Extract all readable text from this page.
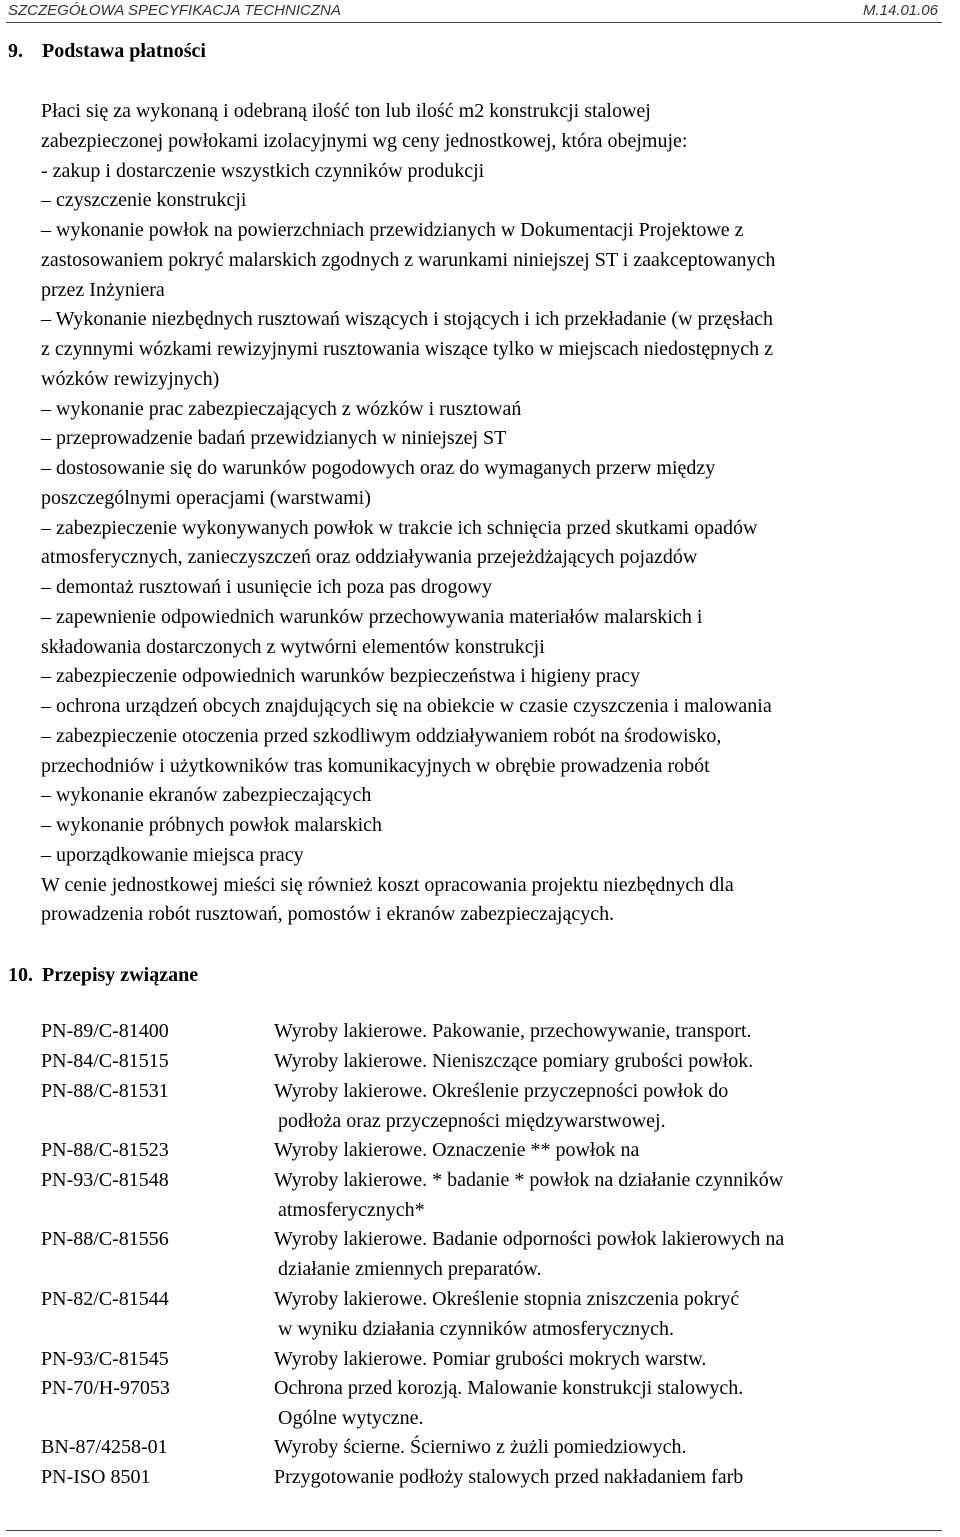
SZCZEGÓŁOWA SPECYFIKACJA TECHNICZNA	M.14.01.06
9. Podstawa płatności
Płaci się za wykonaną i odebraną ilość ton lub ilość m2 konstrukcji stalowej
zabezpieczonej powłokami izolacyjnymi wg ceny jednostkowej, która obejmuje:
- zakup i dostarczenie wszystkich czynników produkcji
– czyszczenie konstrukcji
– wykonanie powłok na powierzchniach przewidzianych w Dokumentacji Projektowe z
zastosowaniem pokryć malarskich zgodnych z warunkami niniejszej ST i zaakceptowanych
przez Inżyniera
– Wykonanie niezbędnych rusztowań wiszących i stojących i ich przekładanie (w przęsłach
z czynnymi wózkami rewizyjnymi rusztowania wiszące tylko w miejscach niedostępnych z
wózków rewizyjnych)
– wykonanie prac zabezpieczających z wózków i rusztowań
– przeprowadzenie badań przewidzianych w niniejszej ST
– dostosowanie się do warunków pogodowych oraz do wymaganych przerw między
poszczególnymi operacjami (warstwami)
– zabezpieczenie wykonywanych powłok w trakcie ich schnięcia przed skutkami opadów
atmosferycznych, zanieczyszczeń oraz oddziaływania przejeżdżających pojazdów
– demontaż rusztowań i usunięcie ich poza pas drogowy
– zapewnienie odpowiednich warunków przechowywania materiałów malarskich i
składowania dostarczonych z wytwórni elementów konstrukcji
– zabezpieczenie odpowiednich warunków bezpieczeństwa i higieny pracy
– ochrona urządzeń obcych znajdujących się na obiekcie w czasie czyszczenia i malowania
– zabezpieczenie otoczenia przed szkodliwym oddziaływaniem robót na środowisko,
przechodniów i użytkowników tras komunikacyjnych w obrębie prowadzenia robót
– wykonanie ekranów zabezpieczających
– wykonanie próbnych powłok malarskich
– uporządkowanie miejsca pracy
W cenie jednostkowej mieści się również koszt opracowania projektu niezbędnych dla
prowadzenia robót rusztowań, pomostów i ekranów zabezpieczających.
10. Przepisy związane
PN-89/C-81400	Wyroby lakierowe. Pakowanie, przechowywanie, transport.
PN-84/C-81515	Wyroby lakierowe. Nieniszczące pomiary grubości powłok.
PN-88/C-81531	Wyroby lakierowe. Określenie przyczepności powłok do
podłoża oraz przyczepności międzywarstwowej.
PN-88/C-81523	Wyroby lakierowe. Oznaczenie ** powłok na
PN-93/C-81548	Wyroby lakierowe. * badanie * powłok na działanie czynników
atmosferycznych*
PN-88/C-81556	Wyroby lakierowe. Badanie odporności powłok lakierowych na
działanie zmiennych preparatów.
PN-82/C-81544	Wyroby lakierowe. Określenie stopnia zniszczenia pokryć
w wyniku działania czynników atmosferycznych.
PN-93/C-81545	Wyroby lakierowe. Pomiar grubości mokrych warstw.
PN-70/H-97053	Ochrona przed korozją. Malowanie konstrukcji stalowych.
Ogólne wytyczne.
BN-87/4258-01	Wyroby ścierne. Ścierniwo z żużli pomiedziowych.
PN-ISO 8501	Przygotowanie podłoży stalowych przed nakładaniem farb
